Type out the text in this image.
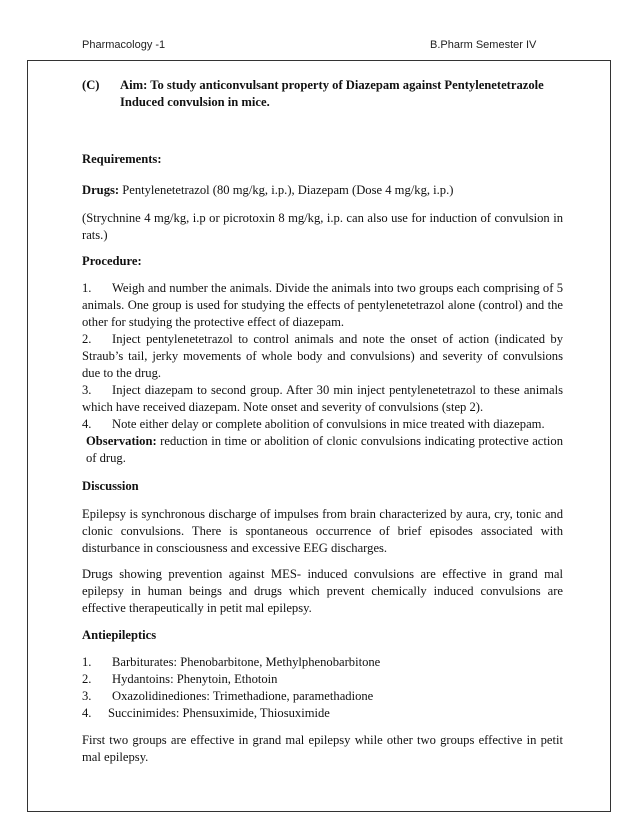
Pharmacology -1	B.Pharm Semester IV
(C)	Aim: To study anticonvulsant property of Diazepam against Pentylenetetrazole Induced convulsion in mice.

Requirements:

Drugs: Pentylenetetrazol (80 mg/kg, i.p.), Diazepam (Dose 4 mg/kg, i.p.)

(Strychnine 4 mg/kg, i.p or picrotoxin 8 mg/kg, i.p. can also use for induction of convulsion in rats.)

Procedure:

1. Weigh and number the animals. Divide the animals into two groups each comprising of 5 animals. One group is used for studying the effects of pentylenetetrazol alone (control) and the other for studying the protective effect of diazepam.
2. Inject pentylenetetrazol to control animals and note the onset of action (indicated by Straub’s tail, jerky movements of whole body and convulsions) and severity of convulsions due to the drug.
3. Inject diazepam to second group. After 30 min inject pentylenetetrazol to these animals which have received diazepam. Note onset and severity of convulsions (step 2).
4. Note either delay or complete abolition of convulsions in mice treated with diazepam.

Observation: reduction in time or abolition of clonic convulsions indicating protective action of drug.

Discussion

Epilepsy is synchronous discharge of impulses from brain characterized by aura, cry, tonic and clonic convulsions. There is spontaneous occurrence of brief episodes associated with disturbance in consciousness and excessive EEG discharges.

Drugs showing prevention against MES- induced convulsions are effective in grand mal epilepsy in human beings and drugs which prevent chemically induced convulsions are effective therapeutically in petit mal epilepsy.

Antiepileptics

1. Barbiturates: Phenobarbitone, Methylphenobarbitone
2. Hydantoins: Phenytoin, Ethotoin
3. Oxazolidinediones: Trimethadione, paramethadione
4. Succinimides: Phensuximide, Thiosuximide

First two groups are effective in grand mal epilepsy while other two groups effective in petit mal epilepsy.
